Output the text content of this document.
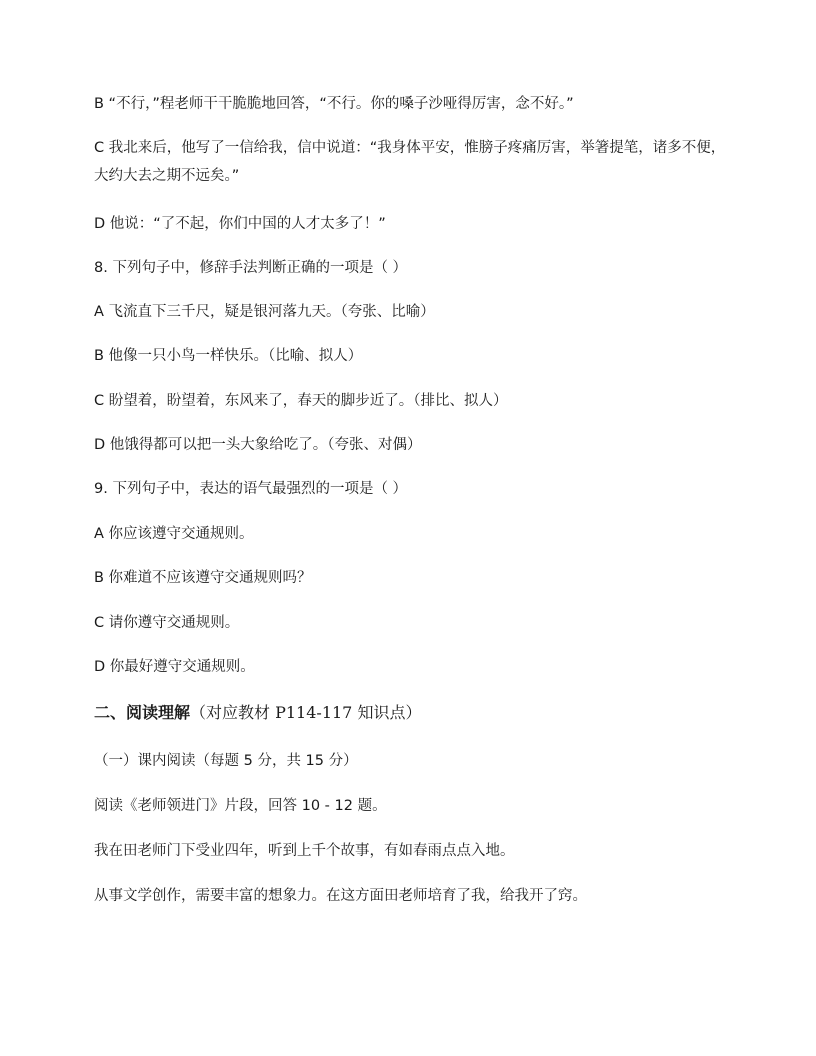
B “不行，”程老师干干脆脆地回答，“不行。你的嗓子沙哑得厉害，念不好。”
C 我北来后，他写了一信给我，信中说道：“我身体平安，惟膀子疼痛厉害，举箸提笔，诸多不便，大约大去之期不远矣。”
D 他说：“了不起，你们中国的人才太多了！”
8. 下列句子中，修辞手法判断正确的一项是（ ）
A 飞流直下三千尺，疑是银河落九天。（夸张、比喻）
B 他像一只小鸟一样快乐。（比喻、拟人）
C 盼望着，盼望着，东风来了，春天的脚步近了。（排比、拟人）
D 他饿得都可以把一头大象给吃了。（夸张、对偶）
9. 下列句子中，表达的语气最强烈的一项是（ ）
A 你应该遵守交通规则。
B 你难道不应该遵守交通规则吗？
C 请你遵守交通规则。
D 你最好遵守交通规则。
二、阅读理解（对应教材 P114-117 知识点）
（一）课内阅读（每题 5 分，共 15 分）
阅读《老师领进门》片段，回答 10 - 12 题。
我在田老师门下受业四年，听到上千个故事，有如春雨点点入地。
从事文学创作，需要丰富的想象力。在这方面田老师培育了我，给我开了窍。
